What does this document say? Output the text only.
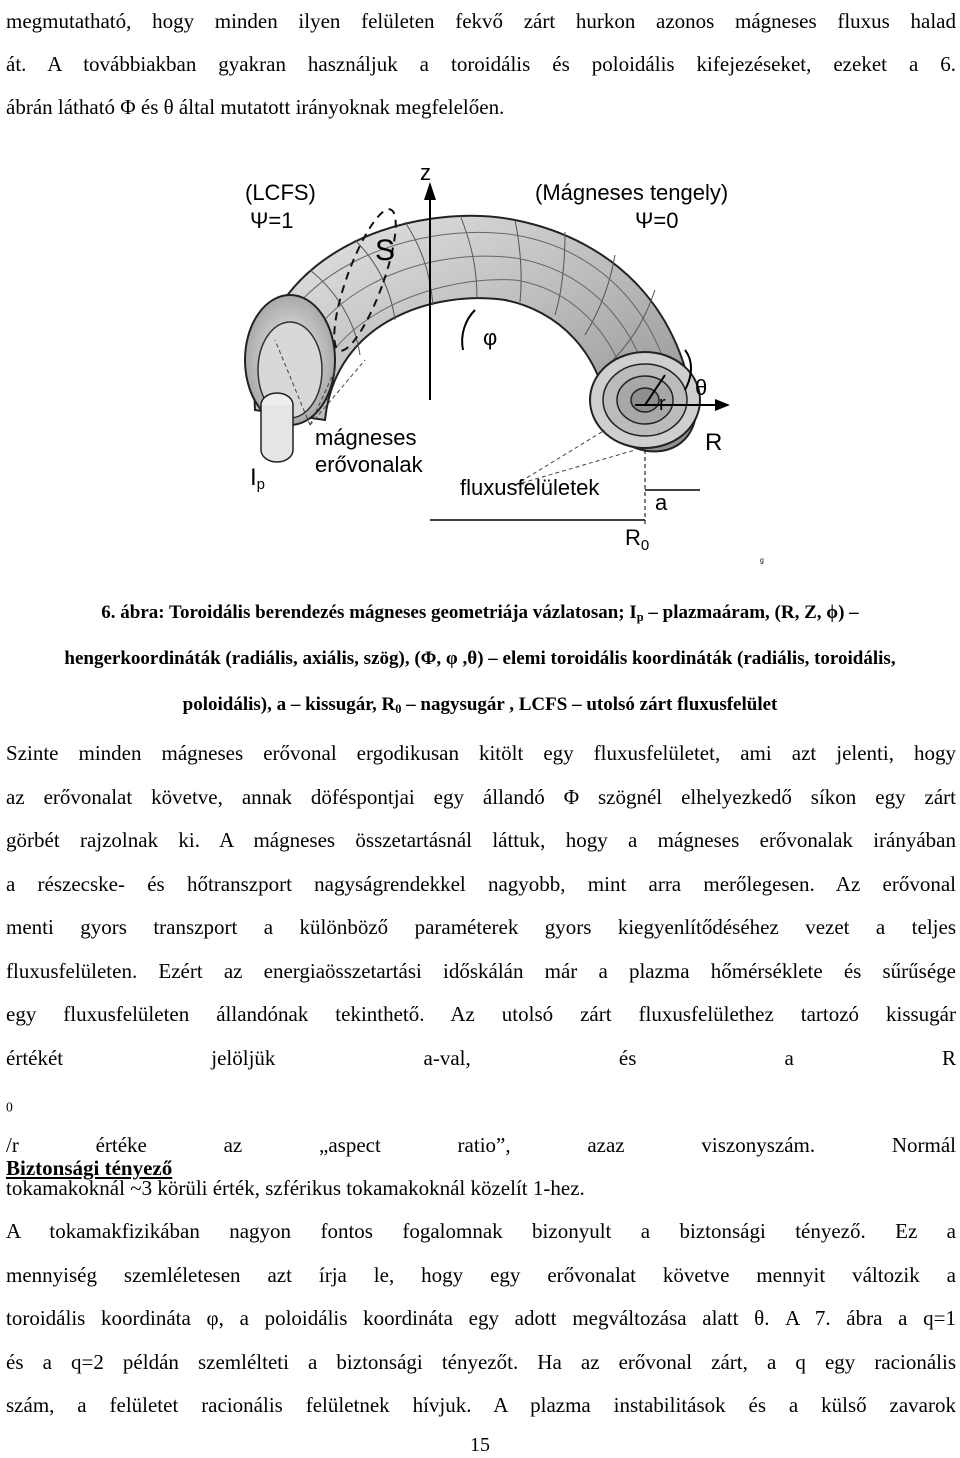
megmutatható, hogy minden ilyen felületen fekvő zárt hurkon azonos mágneses fluxus halad
át. A továbbiakban gyakran használjuk a toroidális és poloidális kifejezéseket, ezeket a 6.
ábrán látható Φ és θ által mutatott irányoknak megfelelően.
(LCFS)
Ψ=1
z
(Mágneses tengely)
Ψ=0
S
φ
θ
r
R
mágneses
erővonalak
Ip	fluxusfelületek
a
$R_0$
ᵍ
6. ábra: Toroidális berendezés mágneses geometriája vázlatosan; $I_p$ – plazmaáram, (R, Z, ϕ) –
hengerkoordináták (radiális, axiális, szög), (Φ, φ ,θ) – elemi toroidális koordináták (radiális, toroidális,
poloidális), a – kissugár, $R_0$ – nagysugár , LCFS – utolsó zárt fluxusfelület
Szinte minden mágneses erővonal ergodikusan kitölt egy fluxusfelületet, ami azt jelenti, hogy
az erővonalat követve, annak döféspontjai egy állandó Φ szögnél elhelyezkedő síkon egy zárt
görbét rajzolnak ki. A mágneses összetartásnál láttuk, hogy a mágneses erővonalak irányában
a részecske- és hőtranszport nagyságrendekkel nagyobb, mint arra merőlegesen. Az erővonal
menti gyors transzport a különböző paraméterek gyors kiegyenlítődéséhez vezet a teljes
fluxusfelületen. Ezért az energiaösszetartási időskálán már a plazma hőmérséklete és sűrűsége
egy fluxusfelületen állandónak tekinthető. Az utolsó zárt fluxusfelülethez tartozó kissugár
értékét jelöljük a-val, és a R
$_0$
/r értéke az „aspect ratio”, azaz viszonyszám. Normál
tokamakoknál ~3 körüli érték, szférikus tokamakoknál közelít 1-hez.
Biztonsági tényező
A tokamakfizikában nagyon fontos fogalomnak bizonyult a biztonsági tényező. Ez a
mennyiség szemléletesen azt írja le, hogy egy erővonalat követve mennyit változik a
toroidális koordináta φ, a poloidális koordináta egy adott megváltozása alatt θ. A 7. ábra a q=1
és a q=2 példán szemlélteti a biztonsági tényezőt. Ha az erővonal zárt, a q egy racionális
szám, a felületet racionális felületnek hívjuk. A plazma instabilitások és a külső zavarok
15
